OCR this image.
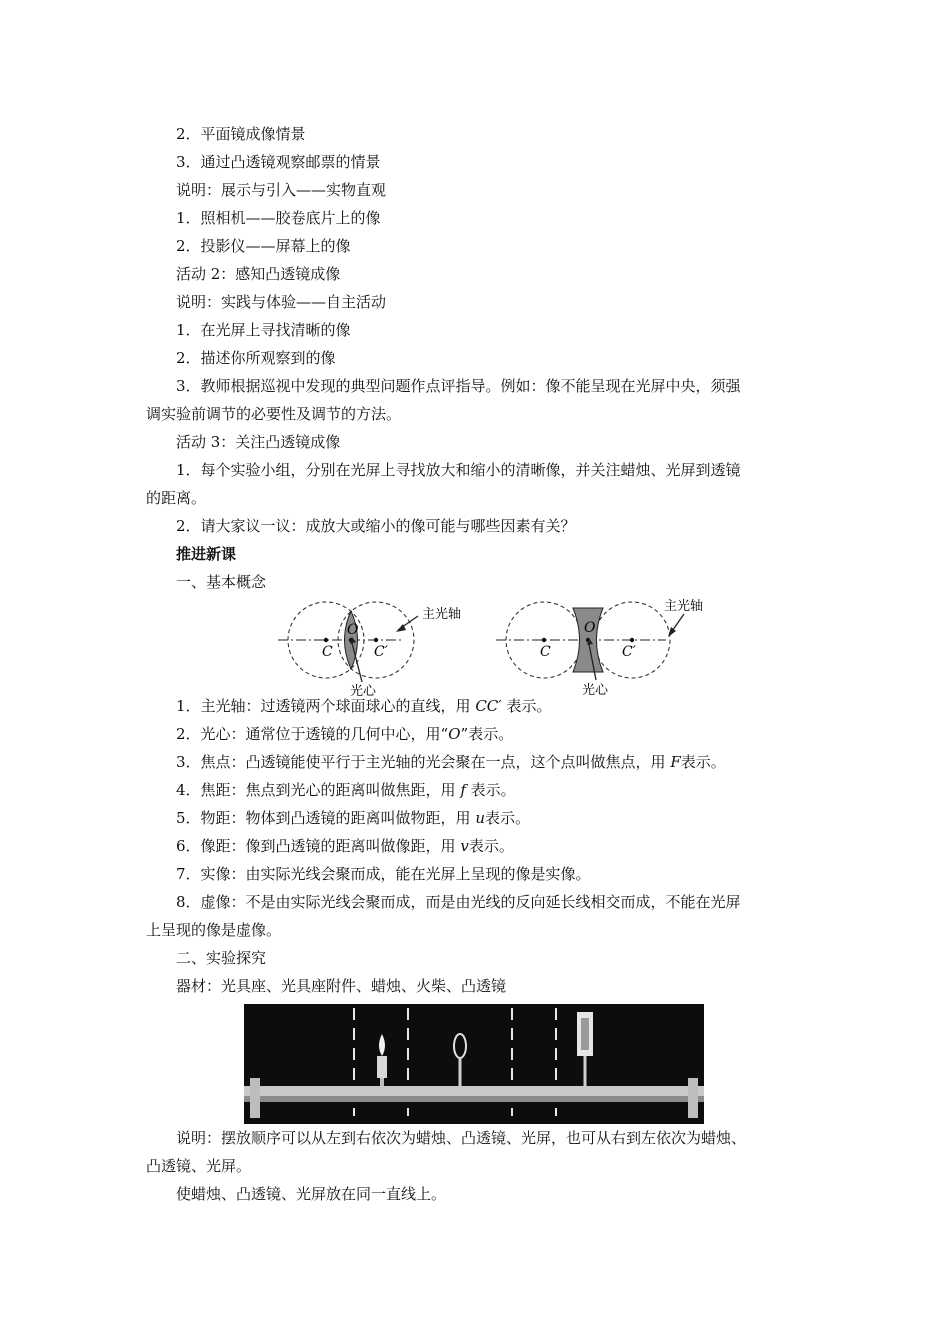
2．平面镜成像情景
3．通过凸透镜观察邮票的情景
说明：展示与引入——实物直观
1．照相机——胶卷底片上的像
2．投影仪——屏幕上的像
活动 2：感知凸透镜成像
说明：实践与体验——自主活动
1．在光屏上寻找清晰的像
2．描述你所观察到的像
3．教师根据巡视中发现的典型问题作点评指导。例如：像不能呈现在光屏中央，须强
调实验前调节的必要性及调节的方法。
活动 3：关注凸透镜成像
1．每个实验小组，分别在光屏上寻找放大和缩小的清晰像，并关注蜡烛、光屏到透镜
的距离。
2．请大家议一议：成放大或缩小的像可能与哪些因素有关？
推进新课
一、基本概念
O
C	C′
主光轴
光心
O
C	C′
主光轴
光心
1．主光轴：过透镜两个球面球心的直线，用 CC′ 表示。
2．光心：通常位于透镜的几何中心，用“O”表示。
3．焦点：凸透镜能使平行于主光轴的光会聚在一点，这个点叫做焦点，用 F表示。
4．焦距：焦点到光心的距离叫做焦距，用 f 表示。
5．物距：物体到凸透镜的距离叫做物距，用 u表示。
6．像距：像到凸透镜的距离叫做像距，用 v表示。
7．实像：由实际光线会聚而成，能在光屏上呈现的像是实像。
8．虚像：不是由实际光线会聚而成，而是由光线的反向延长线相交而成，不能在光屏
上呈现的像是虚像。
二、实验探究
器材：光具座、光具座附件、蜡烛、火柴、凸透镜
说明：摆放顺序可以从左到右依次为蜡烛、凸透镜、光屏，也可从右到左依次为蜡烛、
凸透镜、光屏。
使蜡烛、凸透镜、光屏放在同一直线上。
